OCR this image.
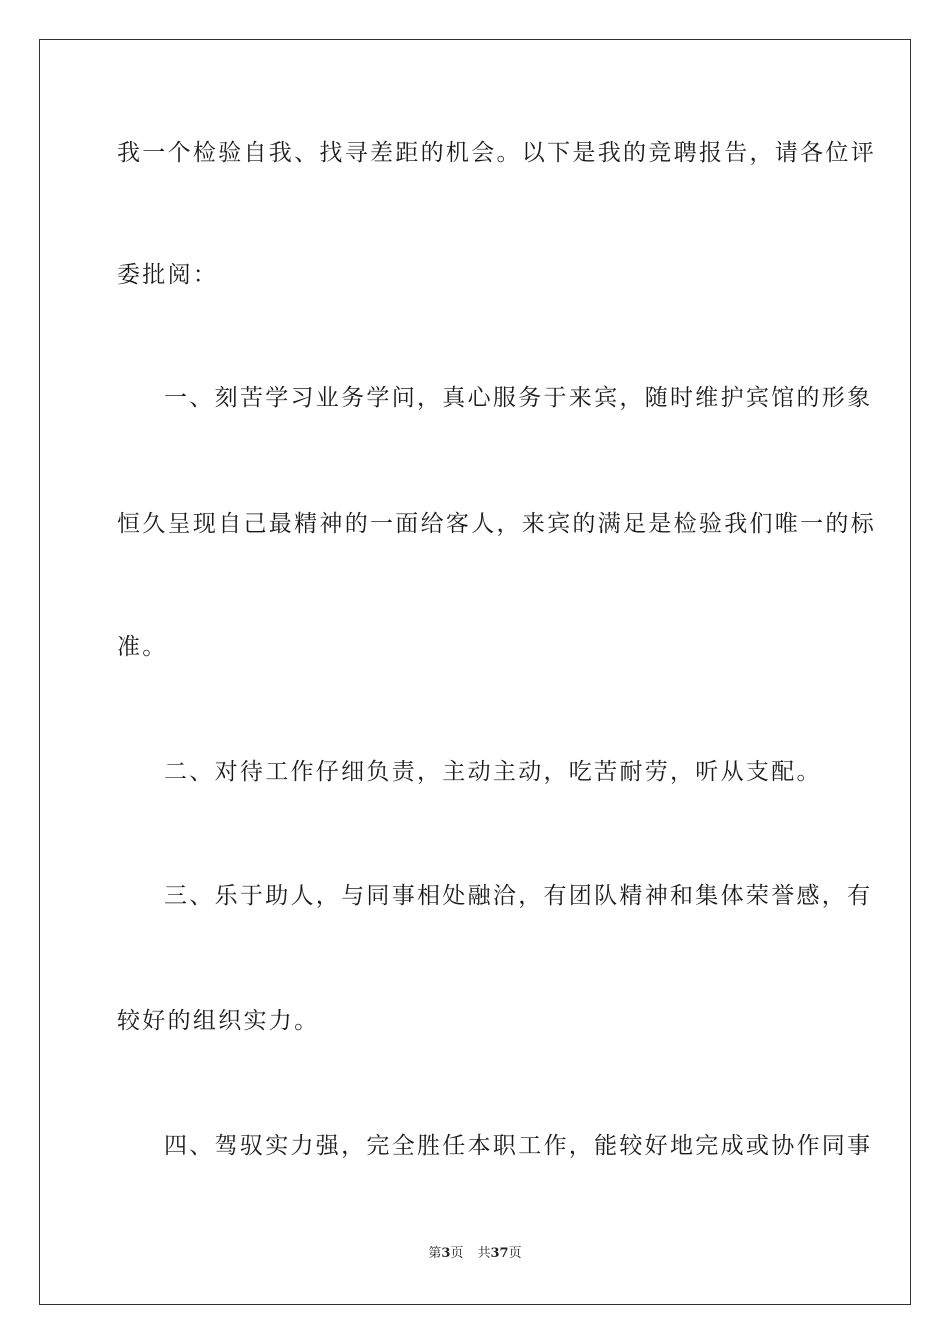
我一个检验自我、找寻差距的机会。以下是我的竞聘报告，请各位评
委批阅：
一、刻苦学习业务学问，真心服务于来宾，随时维护宾馆的形象
恒久呈现自己最精神的一面给客人，来宾的满足是检验我们唯一的标
准。
二、对待工作仔细负责，主动主动，吃苦耐劳，听从支配。
三、乐于助人，与同事相处融洽，有团队精神和集体荣誉感，有
较好的组织实力。
四、驾驭实力强，完全胜任本职工作，能较好地完成或协作同事
第3页 共37页
